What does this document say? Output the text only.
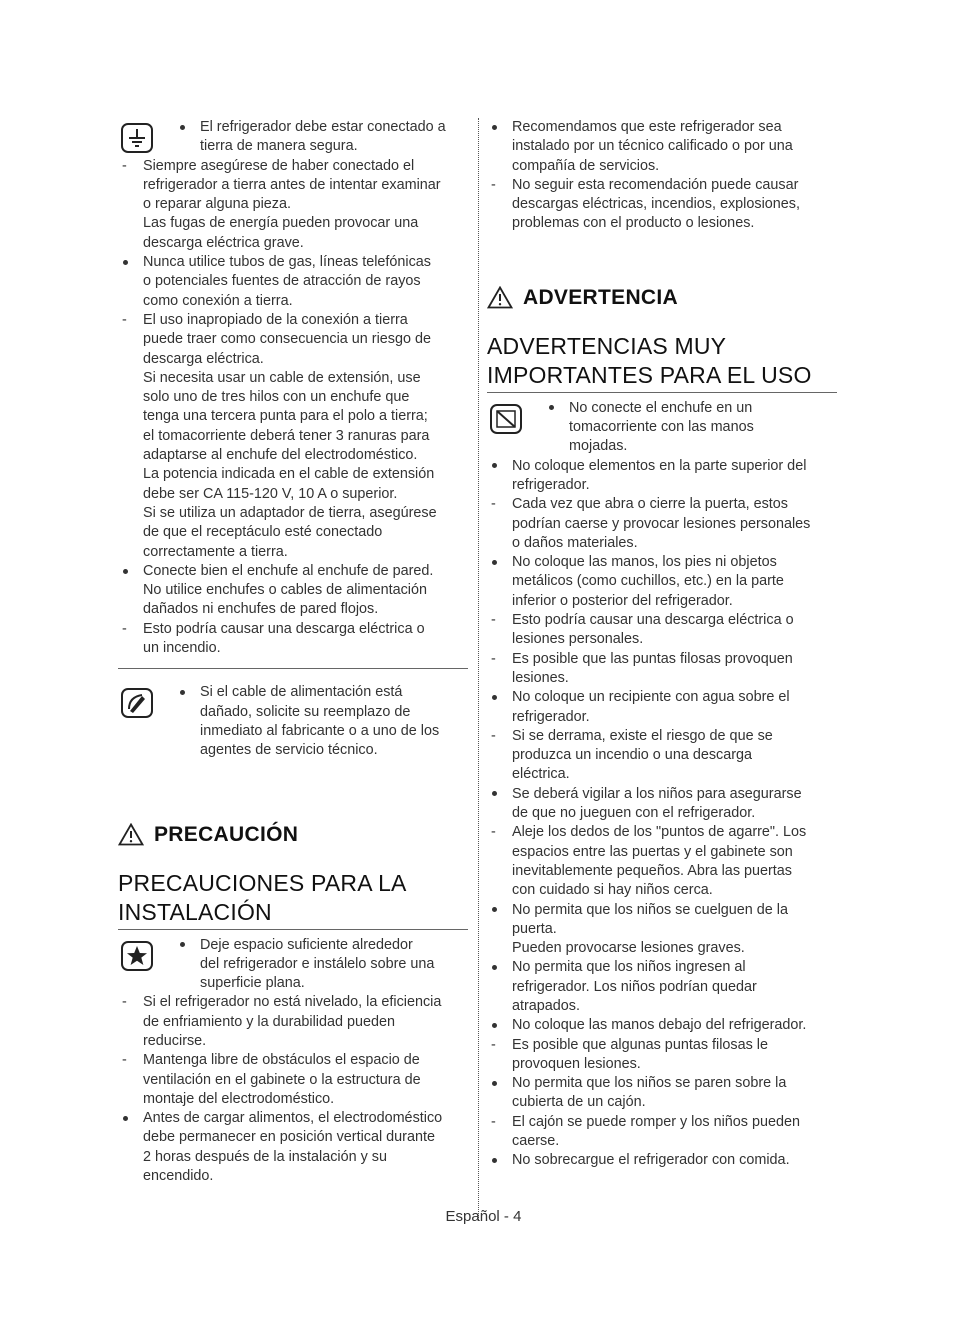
El refrigerador debe estar conectado a
tierra de manera segura.
-	Siempre asegúrese de haber conectado el
refrigerador a tierra antes de intentar examinar
o reparar alguna pieza.
Las fugas de energía pueden provocar una
descarga eléctrica grave.
Nunca utilice tubos de gas, líneas telefónicas
o potenciales fuentes de atracción de rayos
como conexión a tierra.
-	El uso inapropiado de la conexión a tierra
puede traer como consecuencia un riesgo de
descarga eléctrica.
Si necesita usar un cable de extensión, use
solo uno de tres hilos con un enchufe que
tenga una tercera punta para el polo a tierra;
el tomacorriente deberá tener 3 ranuras para
adaptarse al enchufe del electrodoméstico.
La potencia indicada en el cable de extensión
debe ser CA 115-120 V, 10 A o superior.
Si se utiliza un adaptador de tierra, asegúrese
de que el receptáculo esté conectado
correctamente a tierra.
Conecte bien el enchufe al enchufe de pared.
No utilice enchufes o cables de alimentación
dañados ni enchufes de pared flojos.
-	Esto podría causar una descarga eléctrica o
un incendio.
Si el cable de alimentación está
dañado, solicite su reemplazo de
inmediato al fabricante o a uno de los
agentes de servicio técnico.
PRECAUCIÓN
PRECAUCIONES PARA LA
INSTALACIÓN
Deje espacio suficiente alrededor
del refrigerador e instálelo sobre una
superficie plana.
-	Si el refrigerador no está nivelado, la eficiencia
de enfriamiento y la durabilidad pueden
reducirse.
-	Mantenga libre de obstáculos el espacio de
ventilación en el gabinete o la estructura de
montaje del electrodoméstico.
Antes de cargar alimentos, el electrodoméstico
debe permanecer en posición vertical durante
2 horas después de la instalación y su
encendido.
Recomendamos que este refrigerador sea
instalado por un técnico calificado o por una
compañía de servicios.
-	No seguir esta recomendación puede causar
descargas eléctricas, incendios, explosiones,
problemas con el producto o lesiones.
ADVERTENCIA
ADVERTENCIAS MUY
IMPORTANTES PARA EL USO
No conecte el enchufe en un
tomacorriente con las manos
mojadas.
No coloque elementos en la parte superior del
refrigerador.
-	Cada vez que abra o cierre la puerta, estos
podrían caerse y provocar lesiones personales
o daños materiales.
No coloque las manos, los pies ni objetos
metálicos (como cuchillos, etc.) en la parte
inferior o posterior del refrigerador.
-	Esto podría causar una descarga eléctrica o
lesiones personales.
-	Es posible que las puntas filosas provoquen
lesiones.
No coloque un recipiente con agua sobre el
refrigerador.
-	Si se derrama, existe el riesgo de que se
produzca un incendio o una descarga
eléctrica.
Se deberá vigilar a los niños para asegurarse
de que no jueguen con el refrigerador.
-	Aleje los dedos de los "puntos de agarre". Los
espacios entre las puertas y el gabinete son
inevitablemente pequeños. Abra las puertas
con cuidado si hay niños cerca.
No permita que los niños se cuelguen de la
puerta.
Pueden provocarse lesiones graves.
No permita que los niños ingresen al
refrigerador. Los niños podrían quedar
atrapados.
No coloque las manos debajo del refrigerador.
-	Es posible que algunas puntas filosas le
provoquen lesiones.
No permita que los niños se paren sobre la
cubierta de un cajón.
-	El cajón se puede romper y los niños pueden
caerse.
No sobrecargue el refrigerador con comida.
Español - 4
